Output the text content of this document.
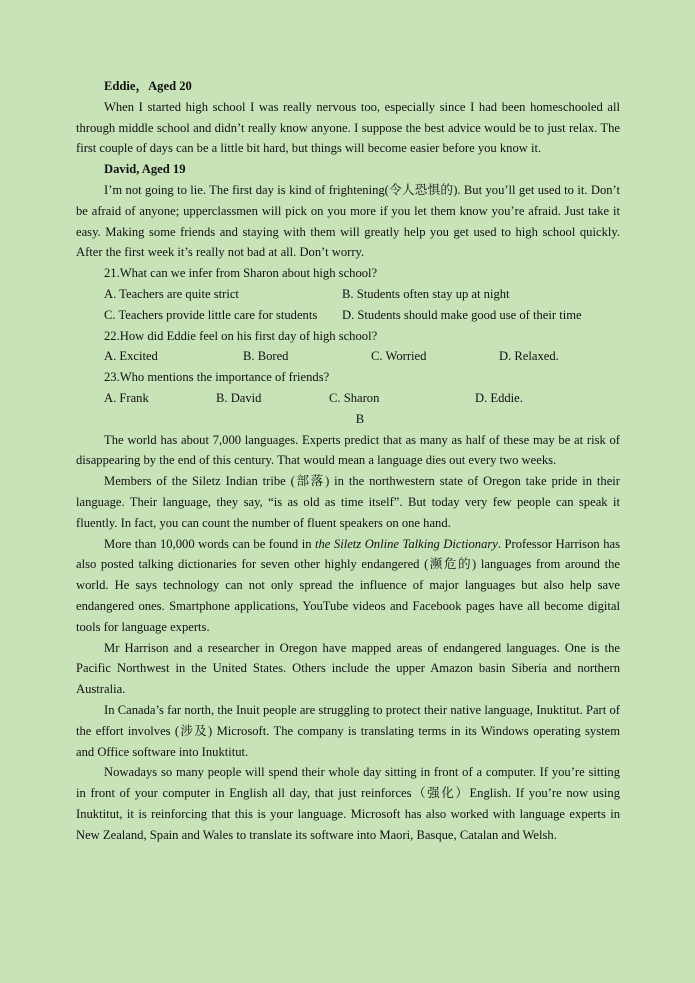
Eddie，Aged 20

When I started high school I was really nervous too, especially since I had been homeschooled all through middle school and didn’t really know anyone. I suppose the best advice would be to just relax. The first couple of days can be a little bit hard, but things will become easier before you know it.

David, Aged 19

I’m not going to lie. The first day is kind of frightening(令人恐惧的). But you’ll get used to it. Don’t be afraid of anyone; upperclassmen will pick on you more if you let them know you’re afraid. Just take it easy. Making some friends and staying with them will greatly help you get used to high school quickly. After the first week it’s really not bad at all. Don’t worry.

21.What can we infer from Sharon about high school?

A. Teachers are quite strict	B. Students often stay up at night
C. Teachers provide little care for students	D. Students should make good use of their time

22.How did Eddie feel on his first day of high school?

A. Excited	B. Bored	C. Worried	D. Relaxed.

23.Who mentions the importance of friends?

A. Frank	B. David	C. Sharon	D. Eddie.

B

The world has about 7,000 languages. Experts predict that as many as half of these may be at risk of disappearing by the end of this century. That would mean a language dies out every two weeks.

Members of the Siletz Indian tribe (部落) in the northwestern state of Oregon take pride in their language. Their language, they say, “is as old as time itself”. But today very few people can speak it fluently. In fact, you can count the number of fluent speakers on one hand.

More than 10,000 words can be found in the Siletz Online Talking Dictionary. Professor Harrison has also posted talking dictionaries for seven other highly endangered (濒危的) languages from around the world. He says technology can not only spread the influence of major languages but also help save endangered ones. Smartphone applications, YouTube videos and Facebook pages have all become digital tools for language experts.

Mr Harrison and a researcher in Oregon have mapped areas of endangered languages. One is the Pacific Northwest in the United States. Others include the upper Amazon basin Siberia and northern Australia.

In Canada’s far north, the Inuit people are struggling to protect their native language, Inuktitut. Part of the effort involves (涉及) Microsoft. The company is translating terms in its Windows operating system and Office software into Inuktitut.

Nowadays so many people will spend their whole day sitting in front of a computer. If you’re sitting in front of your computer in English all day, that just reinforces（强化）English. If you’re now using Inuktitut, it is reinforcing that this is your language. Microsoft has also worked with language experts in New Zealand, Spain and Wales to translate its software into Maori, Basque, Catalan and Welsh.
